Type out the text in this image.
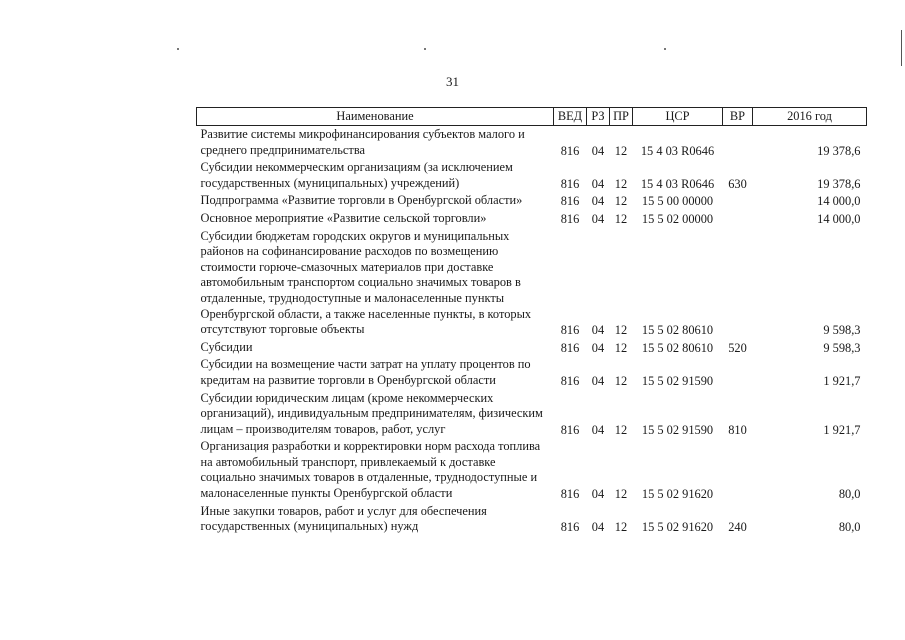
31
Наименование	ВЕД	РЗ	ПР	ЦСР	ВР	2016 год
Развитие системы микрофинансирования субъектов малого и среднего предпринимательства	816	04	12	15 4 03 R0646		19 378,6
Субсидии некоммерческим организациям (за исключением государственных (муниципальных) учреждений)	816	04	12	15 4 03 R0646	630	19 378,6
Подпрограмма «Развитие торговли в Оренбургской области»	816	04	12	15 5 00 00000		14 000,0
Основное мероприятие «Развитие сельской торговли»	816	04	12	15 5 02 00000		14 000,0
Субсидии бюджетам городских округов и муниципальных районов на софинансирование расходов по возмещению стоимости горюче-смазочных материалов при доставке автомобильным транспортом социально значимых товаров в отдаленные, труднодоступные и малонаселенные пункты Оренбургской области, а также населенные пункты, в которых отсутствуют торговые объекты	816	04	12	15 5 02 80610		9 598,3
Субсидии	816	04	12	15 5 02 80610	520	9 598,3
Субсидии на возмещение части затрат на уплату процентов по кредитам на развитие торговли в Оренбургской области	816	04	12	15 5 02 91590		1 921,7
Субсидии юридическим лицам (кроме некоммерческих организаций), индивидуальным предпринимателям, физическим лицам – производителям товаров, работ, услуг	816	04	12	15 5 02 91590	810	1 921,7
Организация разработки и корректировки норм расхода топлива на автомобильный транспорт, привлекаемый к доставке социально значимых товаров в отдаленные, труднодоступные и малонаселенные пункты Оренбургской области	816	04	12	15 5 02 91620		80,0
Иные закупки товаров, работ и услуг для обеспечения государственных (муниципальных) нужд	816	04	12	15 5 02 91620	240	80,0
